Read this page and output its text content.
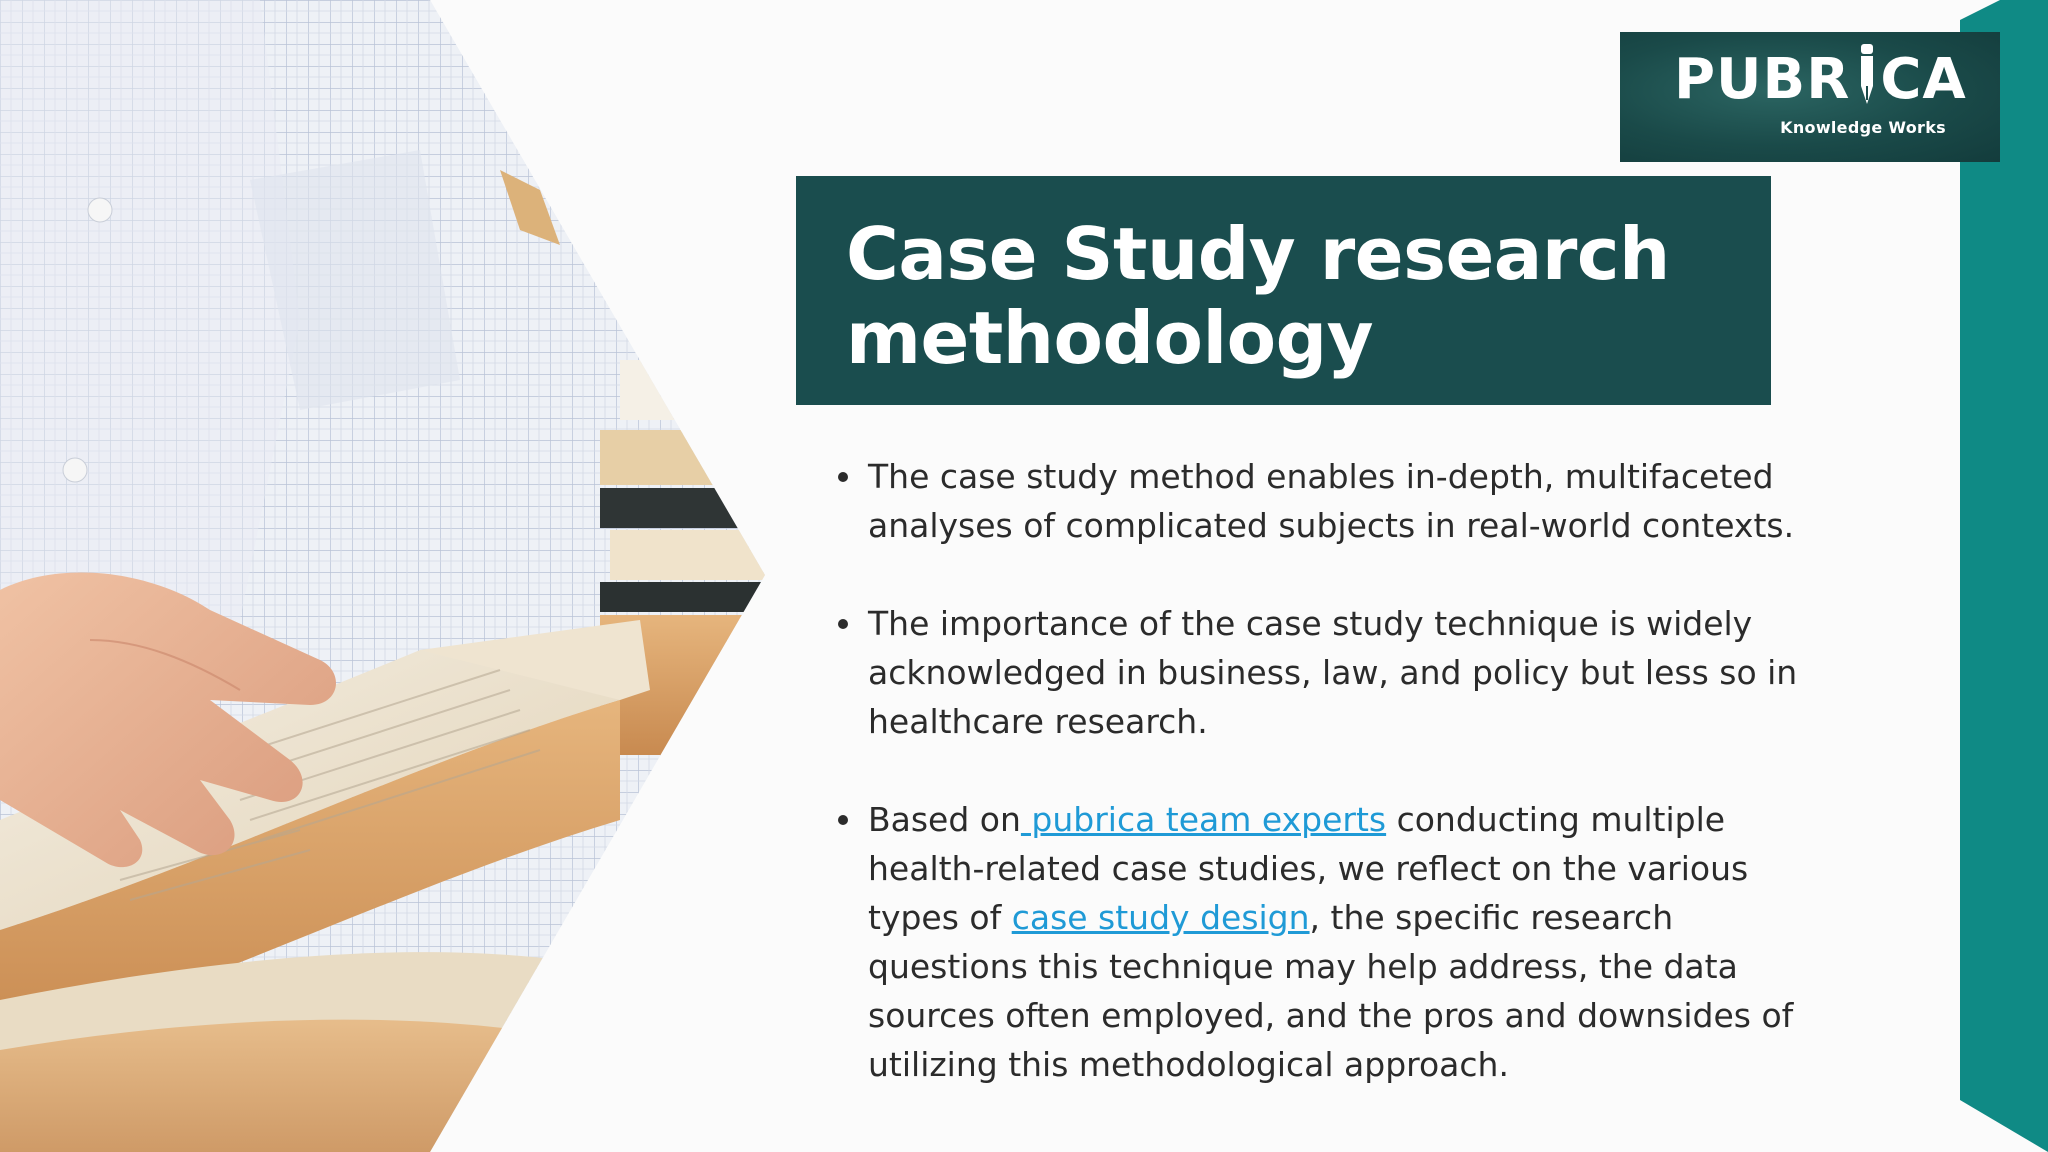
PUBR CA
Knowledge Works
Case Study research
methodology
The case study method enables in-depth, multifaceted analyses of complicated subjects in real-world contexts.
The importance of the case study technique is widely acknowledged in business, law, and policy but less so in healthcare research.
Based on pubrica team experts conducting multiple health-related case studies, we reflect on the various types of case study design, the specific research questions this technique may help address, the data sources often employed, and the pros and downsides of utilizing this methodological approach.
